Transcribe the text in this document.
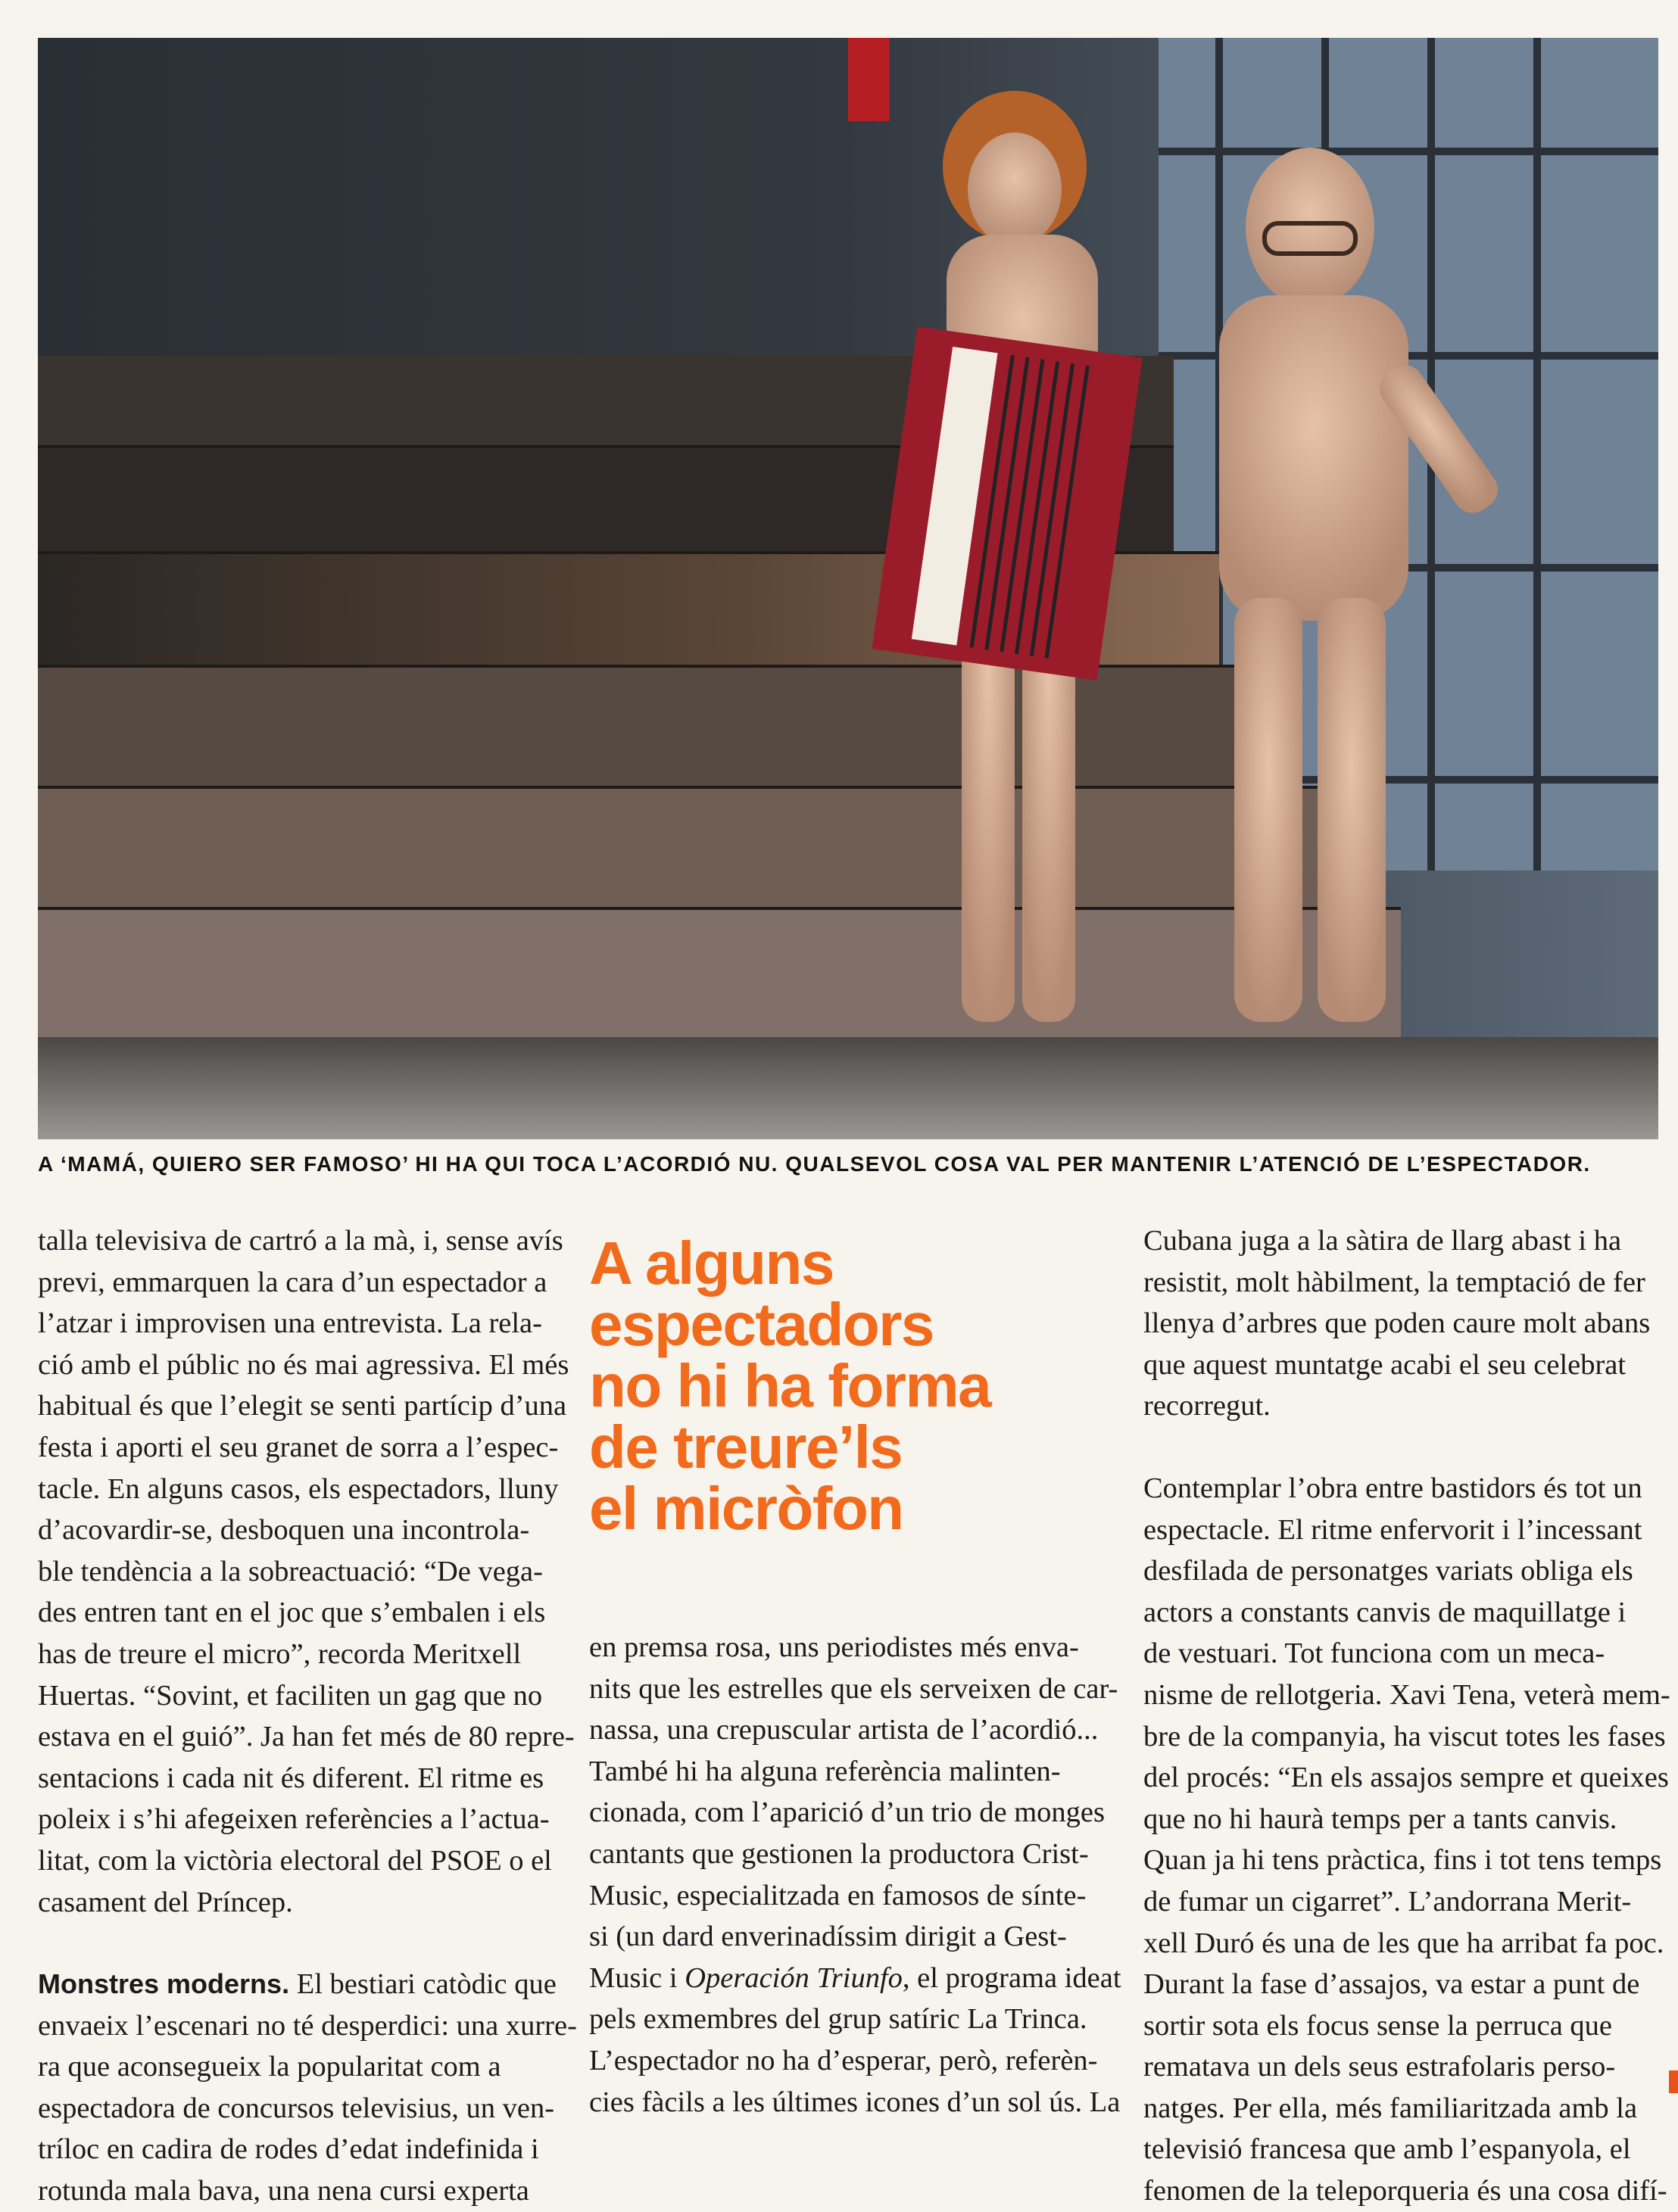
A ‘MAMÁ, QUIERO SER FAMOSO’ HI HA QUI TOCA L’ACORDIÓ NU. QUALSEVOL COSA VAL PER MANTENIR L’ATENCIÓ DE L’ESPECTADOR.

talla televisiva de cartró a la mà, i, sense avís
previ, emmarquen la cara d’un espectador a
l’atzar i improvisen una entrevista. La rela-
ció amb el públic no és mai agressiva. El més
habitual és que l’elegit se senti partícip d’una
festa i aporti el seu granet de sorra a l’espec-
tacle. En alguns casos, els espectadors, lluny
d’acovardir-se, desboquen una incontrola-
ble tendència a la sobreactuació: “De vega-
des entren tant en el joc que s’embalen i els
has de treure el micro”, recorda Meritxell
Huertas. “Sovint, et faciliten un gag que no
estava en el guió”. Ja han fet més de 80 repre-
sentacions i cada nit és diferent. El ritme es
poleix i s’hi afegeixen referències a l’actua-
litat, com la victòria electoral del PSOE o el
casament del Príncep.

Monstres moderns. El bestiari catòdic que
envaeix l’escenari no té desperdici: una xurre-
ra que aconsegueix la popularitat com a
espectadora de concursos televisius, un ven-
tríloc en cadira de rodes d’edat indefinida i
rotunda mala bava, una nena cursi experta

A alguns
espectadors
no hi ha forma
de treure’ls
el micròfon

en premsa rosa, uns periodistes més enva-
nits que les estrelles que els serveixen de car-
nassa, una crepuscular artista de l’acordió...
També hi ha alguna referència malinten-
cionada, com l’aparició d’un trio de monges
cantants que gestionen la productora Crist-
Music, especialitzada en famosos de sínte-
si (un dard enverinadíssim dirigit a Gest-
Music i Operación Triunfo, el programa ideat
pels exmembres del grup satíric La Trinca.
L’espectador no ha d’esperar, però, referèn-
cies fàcils a les últimes icones d’un sol ús. La

Cubana juga a la sàtira de llarg abast i ha
resistit, molt hàbilment, la temptació de fer
llenya d’arbres que poden caure molt abans
que aquest muntatge acabi el seu celebrat
recorregut.

Contemplar l’obra entre bastidors és tot un
espectacle. El ritme enfervorit i l’incessant
desfilada de personatges variats obliga els
actors a constants canvis de maquillatge i
de vestuari. Tot funciona com un meca-
nisme de rellotgeria. Xavi Tena, veterà mem-
bre de la companyia, ha viscut totes les fases
del procés: “En els assajos sempre et queixes
que no hi haurà temps per a tants canvis.
Quan ja hi tens pràctica, fins i tot tens temps
de fumar un cigarret”. L’andorrana Merit-
xell Duró és una de les que ha arribat fa poc.
Durant la fase d’assajos, va estar a punt de
sortir sota els focus sense la perruca que
rematava un dels seus estrafolaris perso-
natges. Per ella, més familiaritzada amb la
televisió francesa que amb l’espanyola, el
fenomen de la teleporqueria és una cosa difí-
